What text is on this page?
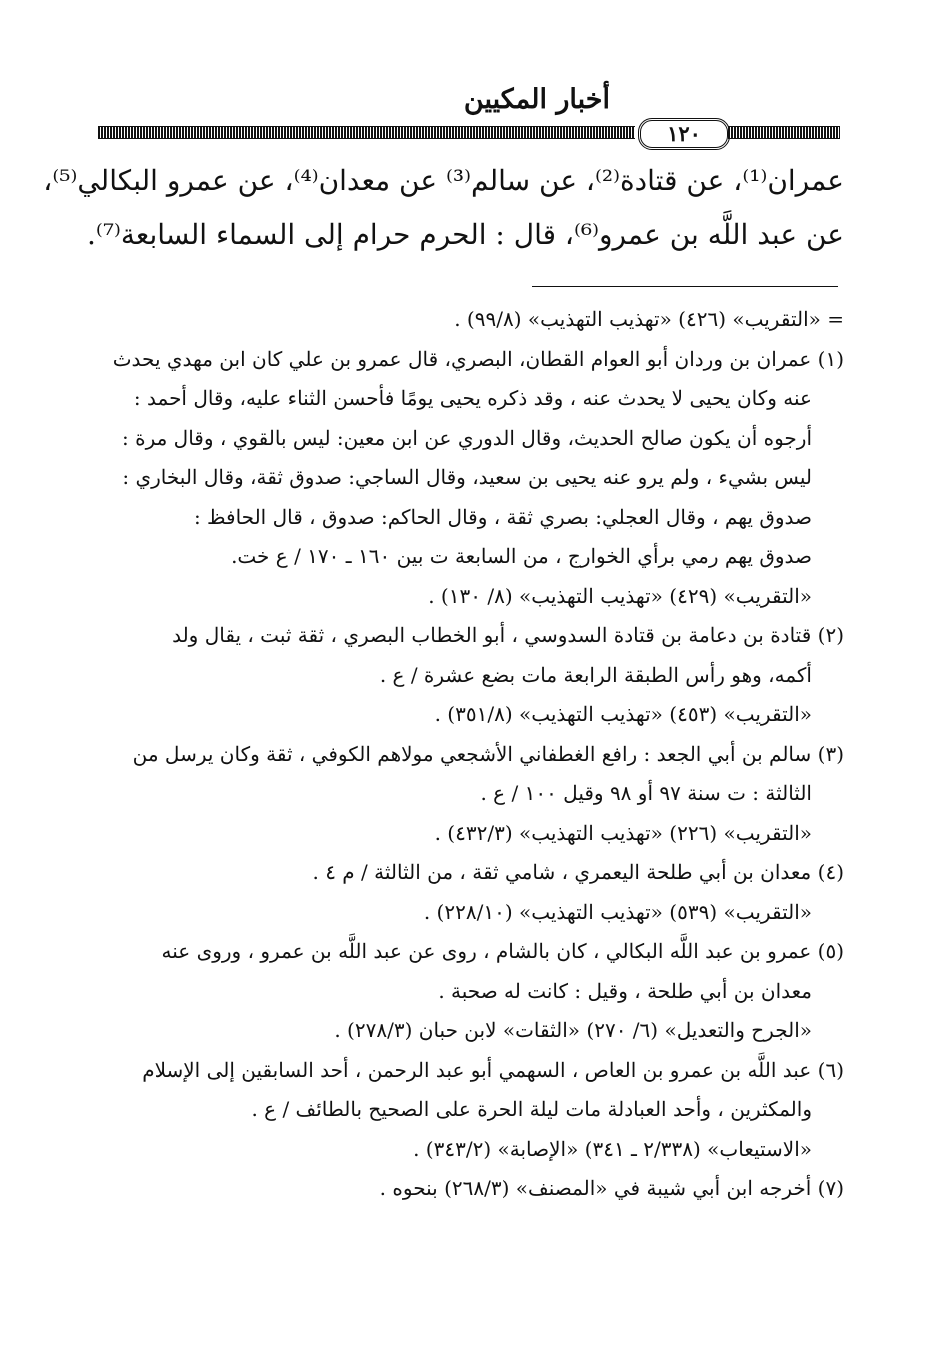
أخبار المكيين
١٢٠
عمران⁽¹⁾، عن قتادة⁽²⁾، عن سالم⁽³⁾ عن معدان⁽⁴⁾، عن عمرو البكالي⁽⁵⁾،
عن عبد اللَّه بن عمرو⁽⁶⁾، قال : الحرم حرام إلى السماء السابعة⁽⁷⁾.
= «التقريب» (٤٢٦) «تهذيب التهذيب» (٩٩/٨) .
(١) عمران بن وردان أبو العوام القطان، البصري، قال عمرو بن علي كان ابن مهدي يحدث
عنه وكان يحيى لا يحدث عنه ، وقد ذكره يحيى يومًا فأحسن الثناء عليه، وقال أحمد :
أرجوه أن يكون صالح الحديث، وقال الدوري عن ابن معين: ليس بالقوي ، وقال مرة :
ليس بشيء ، ولم يرو عنه يحيى بن سعيد، وقال الساجي: صدوق ثقة، وقال البخاري :
صدوق يهم ، وقال العجلي: بصري ثقة ، وقال الحاكم: صدوق ، قال الحافظ :
صدوق يهم رمي برأي الخوارج ، من السابعة ت بين ١٦٠ ـ ١٧٠ / ع خت.
«التقريب» (٤٢٩) «تهذيب التهذيب» (٨/ ١٣٠) .
(٢) قتادة بن دعامة بن قتادة السدوسي ، أبو الخطاب البصري ، ثقة ثبت ، يقال ولد
أكمه، وهو رأس الطبقة الرابعة مات بضع عشرة / ع .
«التقريب» (٤٥٣) «تهذيب التهذيب» (٣٥١/٨) .
(٣) سالم بن أبي الجعد : رافع الغطفاني الأشجعي مولاهم الكوفي ، ثقة وكان يرسل من
الثالثة : ت سنة ٩٧ أو ٩٨ وقيل ١٠٠ / ع .
«التقريب» (٢٢٦) «تهذيب التهذيب» (٤٣٢/٣) .
(٤) معدان بن أبي طلحة اليعمري ، شامي ثقة ، من الثالثة / م ٤ .
«التقريب» (٥٣٩) «تهذيب التهذيب» (٢٢٨/١٠) .
(٥) عمرو بن عبد اللَّه البكالي ، كان بالشام ، روى عن عبد اللَّه بن عمرو ، وروى عنه
معدان بن أبي طلحة ، وقيل : كانت له صحبة .
«الجرح والتعديل» (٦/ ٢٧٠) «الثقات» لابن حبان (٢٧٨/٣) .
(٦) عبد اللَّه بن عمرو بن العاص ، السهمي أبو عبد الرحمن ، أحد السابقين إلى الإسلام
والمكثرين ، وأحد العبادلة مات ليلة الحرة على الصحيح بالطائف / ع .
«الاستيعاب» (٢/٣٣٨ ـ ٣٤١) «الإصابة» (٣٤٣/٢) .
(٧) أخرجه ابن أبي شيبة في «المصنف» (٢٦٨/٣) بنحوه .
